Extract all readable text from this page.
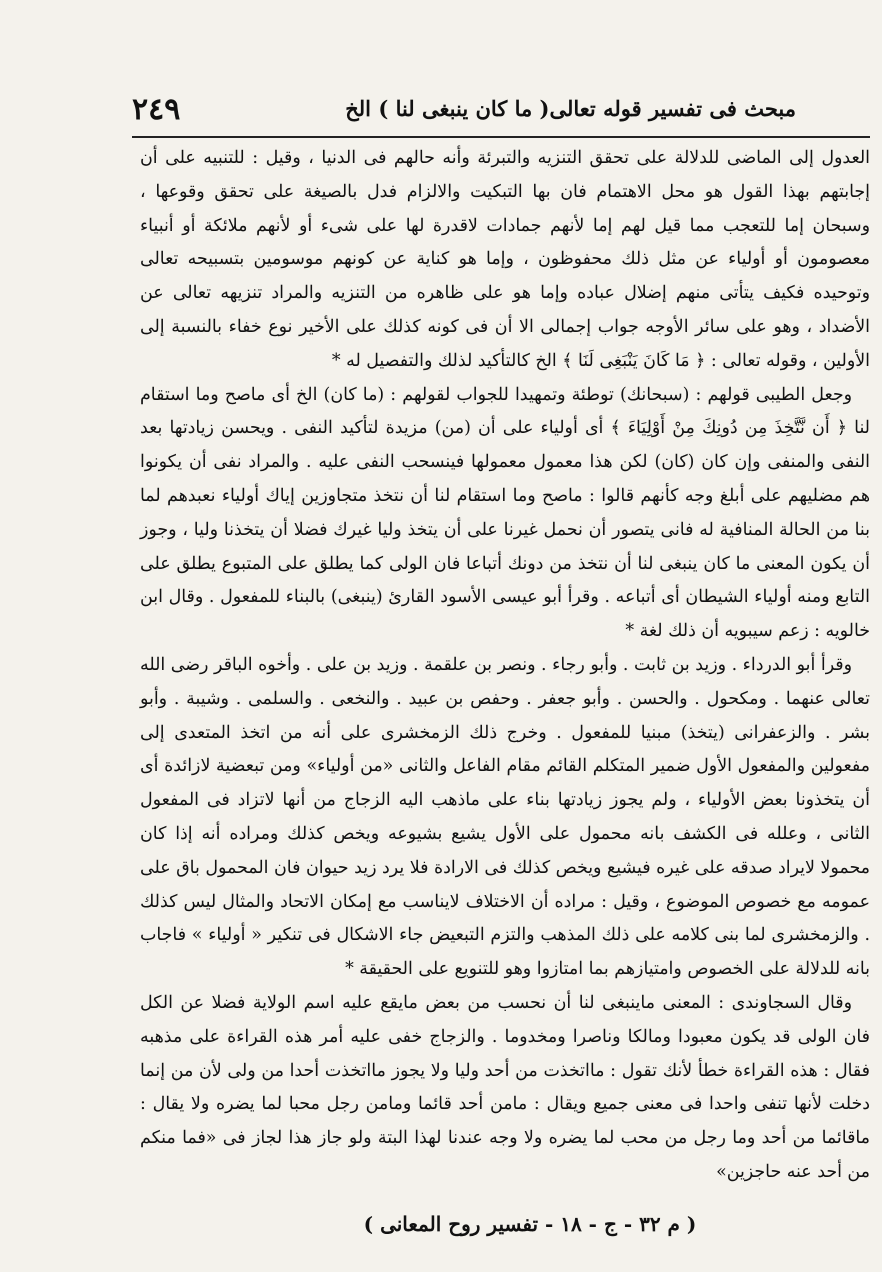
٢٤٩	مبحث فى تفسير قوله تعالى( ما كان ينبغى لنا ) الخ

العدول إلى الماضى للدلالة على تحقق التنزيه والتبرئة وأنه حالهم فى الدنيا ، وقيل : للتنبيه على أن إجابتهم بهذا القول هو محل الاهتمام فان بها التبكيت والالزام فدل بالصيغة على تحقق وقوعها ، وسبحان إما للتعجب مما قيل لهم إما لأنهم جمادات لاقدرة لها على شىء أو لأنهم ملائكة أو أنبياء معصومون أو أولياء عن مثل ذلك محفوظون ، وإما هو كناية عن كونهم موسومين بتسبيحه تعالى وتوحيده فكيف يتأتى منهم إضلال عباده وإما هو على ظاهره من التنزيه والمراد تنزيهه تعالى عن الأضداد ، وهو على سائر الأوجه جواب إجمالى الا أن فى كونه كذلك على الأخير نوع خفاء بالنسبة إلى الأولين ، وقوله تعالى : ﴿ مَا كَانَ يَنْبَغِى لَنَا ﴾ الخ كالتأكيد لذلك والتفصيل له *

وجعل الطيبى قولهم : (سبحانك) توطئة وتمهيدا للجواب لقولهم : (ما كان) الخ أى ماصح وما استقام لنا ﴿ أَن نَّتَّخِذَ مِن دُونِكَ مِنْ أَوْلِيَاءَ ﴾ أى أولياء على أن (من) مزيدة لتأكيد النفى . ويحسن زيادتها بعد النفى والمنفى وإن كان (كان) لكن هذا معمول معمولها فينسحب النفى عليه . والمراد نفى أن يكونوا هم مضليهم على أبلغ وجه كأنهم قالوا : ماصح وما استقام لنا أن نتخذ متجاوزين إياك أولياء نعبدهم لما بنا من الحالة المنافية له فانى يتصور أن نحمل غيرنا على أن يتخذ وليا غيرك فضلا أن يتخذنا وليا ، وجوز أن يكون المعنى ما كان ينبغى لنا أن نتخذ من دونك أتباعا فان الولى كما يطلق على المتبوع يطلق على التابع ومنه أولياء الشيطان أى أتباعه . وقرأ أبو عيسى الأسود القارئ (ينبغى) بالبناء للمفعول . وقال ابن خالويه : زعم سيبويه أن ذلك لغة *

وقرأ أبو الدرداء . وزيد بن ثابت . وأبو رجاء . ونصر بن علقمة . وزيد بن على . وأخوه الباقر رضى الله تعالى عنهما . ومكحول . والحسن . وأبو جعفر . وحفص بن عبيد . والنخعى . والسلمى . وشيبة . وأبو بشر . والزعفرانى (يتخذ) مبنيا للمفعول . وخرج ذلك الزمخشرى على أنه من اتخذ المتعدى إلى مفعولين والمفعول الأول ضمير المتكلم القائم مقام الفاعل والثانى «من أولياء» ومن تبعضية لازائدة أى أن يتخذونا بعض الأولياء ، ولم يجوز زيادتها بناء على ماذهب اليه الزجاج من أنها لاتزاد فى المفعول الثانى ، وعلله فى الكشف بانه محمول على الأول يشيع بشيوعه ويخص كذلك ومراده أنه إذا كان محمولا لايراد صدقه على غيره فيشيع ويخص كذلك فى الارادة فلا يرد زيد حيوان فان المحمول باق على عمومه مع خصوص الموضوع ، وقيل : مراده أن الاختلاف لايناسب مع إمكان الاتحاد والمثال ليس كذلك . والزمخشرى لما بنى كلامه على ذلك المذهب والتزم التبعيض جاء الاشكال فى تنكير « أولياء » فاجاب بانه للدلالة على الخصوص وامتيازهم بما امتازوا وهو للتنويع على الحقيقة *

وقال السجاوندى : المعنى ماينبغى لنا أن نحسب من بعض مايقع عليه اسم الولاية فضلا عن الكل فان الولى قد يكون معبودا ومالكا وناصرا ومخدوما . والزجاج خفى عليه أمر هذه القراءة على مذهبه فقال : هذه القراءة خطأ لأنك تقول : مااتخذت من أحد وليا ولا يجوز مااتخذت أحدا من ولى لأن من إنما دخلت لأنها تنفى واحدا فى معنى جميع ويقال : مامن أحد قائما ومامن رجل محبا لما يضره ولا يقال : ماقائما من أحد وما رجل من محب لما يضره ولا وجه عندنا لهذا البتة ولو جاز هذا لجاز فى «فما منكم من أحد عنه حاجزين»

( م ٣٢ - ج - ١٨ - تفسير روح المعانى )
